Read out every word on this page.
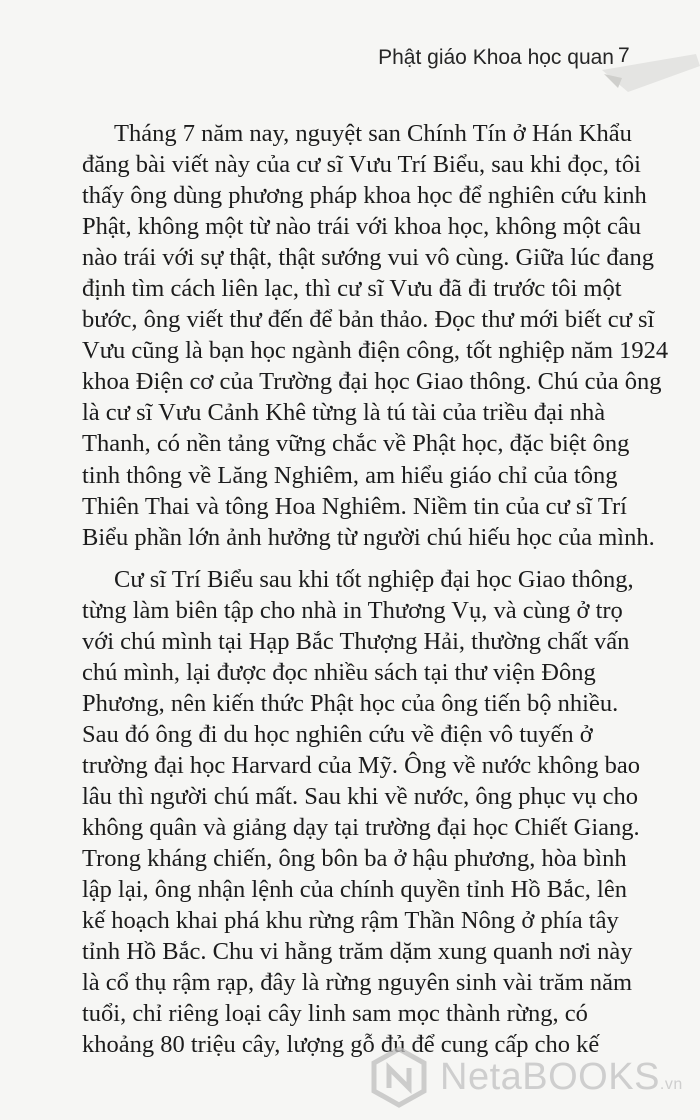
Phật giáo Khoa học quan 7
Tháng 7 năm nay, nguyệt san Chính Tín ở Hán Khẩu
đăng bài viết này của cư sĩ Vưu Trí Biểu, sau khi đọc, tôi
thấy ông dùng phương pháp khoa học để nghiên cứu kinh
Phật, không một từ nào trái với khoa học, không một câu
nào trái với sự thật, thật sướng vui vô cùng. Giữa lúc đang
định tìm cách liên lạc, thì cư sĩ Vưu đã đi trước tôi một
bước, ông viết thư đến để bản thảo. Đọc thư mới biết cư sĩ
Vưu cũng là bạn học ngành điện công, tốt nghiệp năm 1924
khoa Điện cơ của Trường đại học Giao thông. Chú của ông
là cư sĩ Vưu Cảnh Khê từng là tú tài của triều đại nhà
Thanh, có nền tảng vững chắc về Phật học, đặc biệt ông
tinh thông về Lăng Nghiêm, am hiểu giáo chỉ của tông
Thiên Thai và tông Hoa Nghiêm. Niềm tin của cư sĩ Trí
Biểu phần lớn ảnh hưởng từ người chú hiếu học của mình.
Cư sĩ Trí Biểu sau khi tốt nghiệp đại học Giao thông,
từng làm biên tập cho nhà in Thương Vụ, và cùng ở trọ
với chú mình tại Hạp Bắc Thượng Hải, thường chất vấn
chú mình, lại được đọc nhiều sách tại thư viện Đông
Phương, nên kiến thức Phật học của ông tiến bộ nhiều.
Sau đó ông đi du học nghiên cứu về điện vô tuyến ở
trường đại học Harvard của Mỹ. Ông về nước không bao
lâu thì người chú mất. Sau khi về nước, ông phục vụ cho
không quân và giảng dạy tại trường đại học Chiết Giang.
Trong kháng chiến, ông bôn ba ở hậu phương, hòa bình
lập lại, ông nhận lệnh của chính quyền tỉnh Hồ Bắc, lên
kế hoạch khai phá khu rừng rậm Thần Nông ở phía tây
tỉnh Hồ Bắc. Chu vi hằng trăm dặm xung quanh nơi này
là cổ thụ rậm rạp, đây là rừng nguyên sinh vài trăm năm
tuổi, chỉ riêng loại cây linh sam mọc thành rừng, có
khoảng 80 triệu cây, lượng gỗ đủ để cung cấp cho kế
NetaBOOKS.vn
